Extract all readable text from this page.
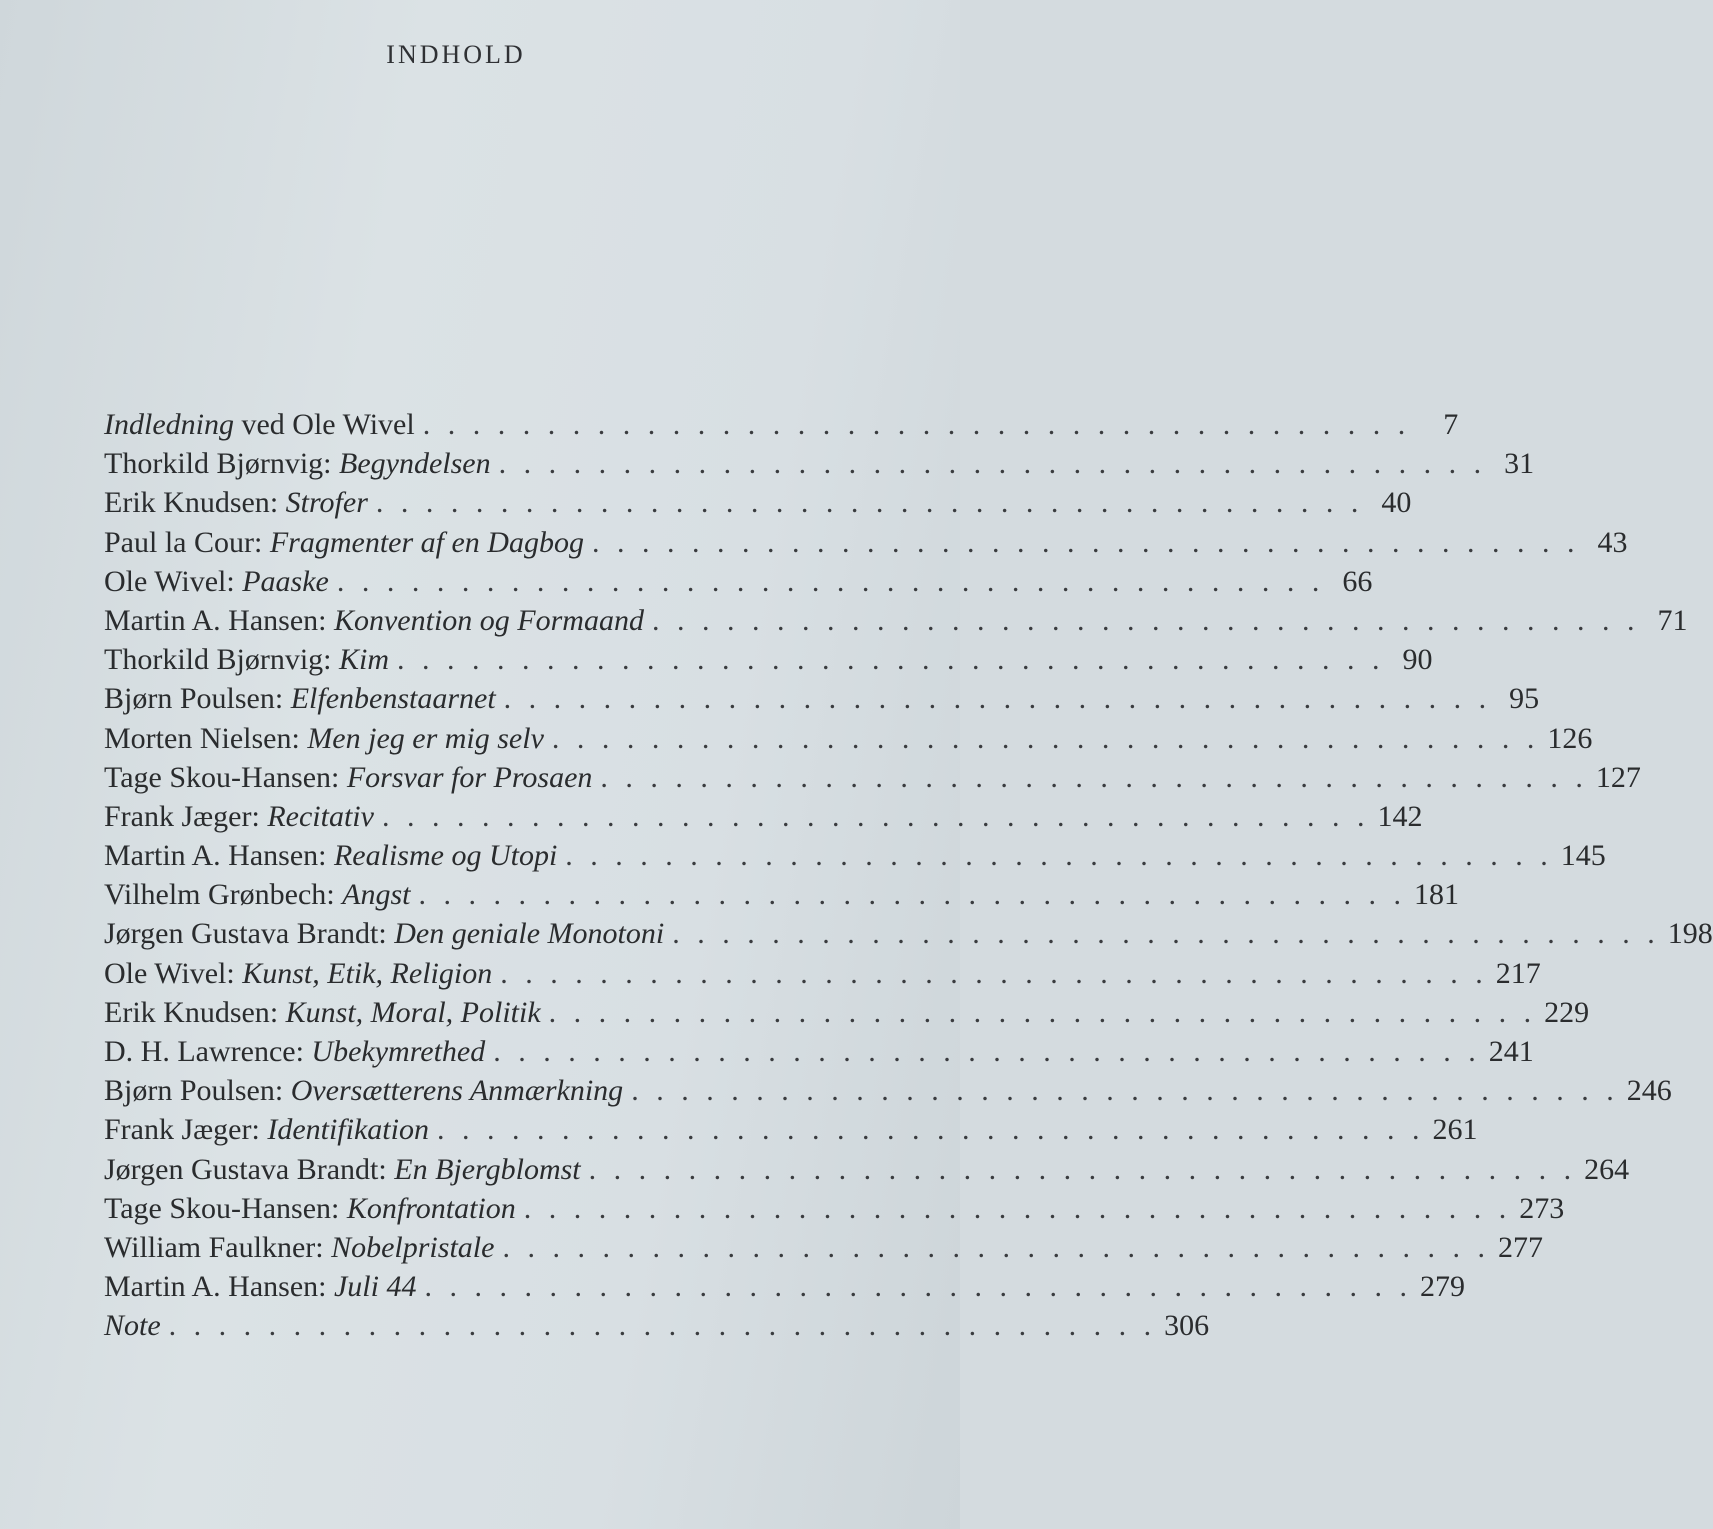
INDHOLD
Indledning ved Ole Wivel . . . . . . . . . . . . . . . . . . . . . . . . . . . . . . . . . . . . . . . .	7
Thorkild Bjørnvig : Begyndelsen . . . . . . . . . . . . . . . . . . . . . . . . . . . . . . . . . . . . . . . . 31
Erik Knudsen : Strofer . . . . . . . . . . . . . . . . . . . . . . . . . . . . . . . . . . . . . . . . 40
Paul la Cour : Fragmenter af en Dagbog . . . . . . . . . . . . . . . . . . . . . . . . . . . . . . . . . . . . . . . . 43
Ole Wivel : Paaske . . . . . . . . . . . . . . . . . . . . . . . . . . . . . . . . . . . . . . . . 66
Martin A. Hansen : Konvention og Formaand . . . . . . . . . . . . . . . . . . . . . . . . . . . . . . . . . . . . . . . . 71
Thorkild Bjørnvig : Kim . . . . . . . . . . . . . . . . . . . . . . . . . . . . . . . . . . . . . . . . 90
Bjørn Poulsen : Elfenbenstaarnet . . . . . . . . . . . . . . . . . . . . . . . . . . . . . . . . . . . . . . . . 95
Morten Nielsen : Men jeg er mig selv . . . . . . . . . . . . . . . . . . . . . . . . . . . . . . . . . . . . . . . . 126
Tage Skou-Hansen : Forsvar for Prosaen . . . . . . . . . . . . . . . . . . . . . . . . . . . . . . . . . . . . . . . . 127
Frank Jæger : Recitativ . . . . . . . . . . . . . . . . . . . . . . . . . . . . . . . . . . . . . . . . 142
Martin A. Hansen : Realisme og Utopi . . . . . . . . . . . . . . . . . . . . . . . . . . . . . . . . . . . . . . . . 145
Vilhelm Grønbech : Angst . . . . . . . . . . . . . . . . . . . . . . . . . . . . . . . . . . . . . . . . 181
Jørgen Gustava Brandt : Den geniale Monotoni . . . . . . . . . . . . . . . . . . . . . . . . . . . . . . . . . . . . . . . . 198
Ole Wivel : Kunst, Etik, Religion . . . . . . . . . . . . . . . . . . . . . . . . . . . . . . . . . . . . . . . . 217
Erik Knudsen : Kunst, Moral, Politik . . . . . . . . . . . . . . . . . . . . . . . . . . . . . . . . . . . . . . . . 229
D. H. Lawrence : Ubekymrethed . . . . . . . . . . . . . . . . . . . . . . . . . . . . . . . . . . . . . . . . 241
Bjørn Poulsen : Oversætterens Anmærkning . . . . . . . . . . . . . . . . . . . . . . . . . . . . . . . . . . . . . . . . 246
Frank Jæger : Identifikation . . . . . . . . . . . . . . . . . . . . . . . . . . . . . . . . . . . . . . . . 261
Jørgen Gustava Brandt : En Bjergblomst . . . . . . . . . . . . . . . . . . . . . . . . . . . . . . . . . . . . . . . . 264
Tage Skou-Hansen : Konfrontation . . . . . . . . . . . . . . . . . . . . . . . . . . . . . . . . . . . . . . . . 273
William Faulkner : Nobelpristale . . . . . . . . . . . . . . . . . . . . . . . . . . . . . . . . . . . . . . . . 277
Martin A. Hansen : Juli 44 . . . . . . . . . . . . . . . . . . . . . . . . . . . . . . . . . . . . . . . . 279
Note . . . . . . . . . . . . . . . . . . . . . . . . . . . . . . . . . . . . . . . . 306
